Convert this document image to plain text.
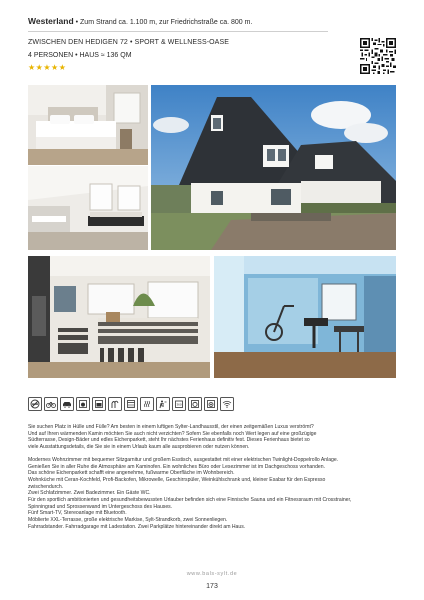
Westerland • Zum Strand ca. 1.100 m, zur Friedrichstraße ca. 800 m.
ZWISCHEN DEN HEDIGEN 72 • SPORT & WELLNESS-OASE
4 PERSONEN • HAUS ≈ 136 QM
★★★★★
360

Sie suchen Platz in Hülle und Fülle? Am besten in einem luftigen Sylter-Landhausstil, der einen zeitgemäßen Luxus verströmt?

Und auf Ihren wärmenden Kamin möchten Sie auch nicht verzichten? Sofern Sie ebenfalls noch Wert legen auf eine großzügige

Südterrasse, Design-Bäder und edles Eichenparkett, steht Ihr nächstes Ferienhaus definitiv fest. Dieses Ferienhaus bietet so

viele Ausstattungsdetails, die Sie sie in einem Urlaub kaum alle ausprobieren oder nutzen können.

Modernes Wohnzimmer mit bequemer Sitzgarnitur und großem Esstisch, ausgestattet mit einer elektrischen Twinlight-Doppelrollo Anlage.

Genießen Sie in aller Ruhe die Atmosphäre am Kaminofen. Ein wohnliches Büro oder Lesezimmer ist im Dachgeschoss vorhanden.

Das schöne Eichenparkett schafft eine angenehme, fußwarme Oberfläche im Wohnbereich.

Wohnküche mit Ceran-Kochfeld, Profi-Backofen, Mikrowelle, Geschirrspüler, Weinkühlschrank und, kleiner Esabar für den Espresso

zwischendurch.

Zwei Schlafzimmer. Zwei Badezimmer. Ein Gäste WC.

Für den sportlich ambitionierten und gesundheitsbewussten Urlauber befinden sich eine Finnische Sauna und ein Fitnessraum mit Crosstrainer,

Spinningrad und Sprossenwand im Untergeschoss des Hauses.

Fünf Smart-TV, Stereoanlage mit Bluetooth.

Möblierte XXL-Terrasse, große elektrische Markise, Sylt-Strandkorb, zwei Sonnenliegen.

Fahrradstander. Fahrradgarage mit Ladestation. Zwei Parkplätze hintereinander direkt am Haus.

www.bals-sylt.de
173
